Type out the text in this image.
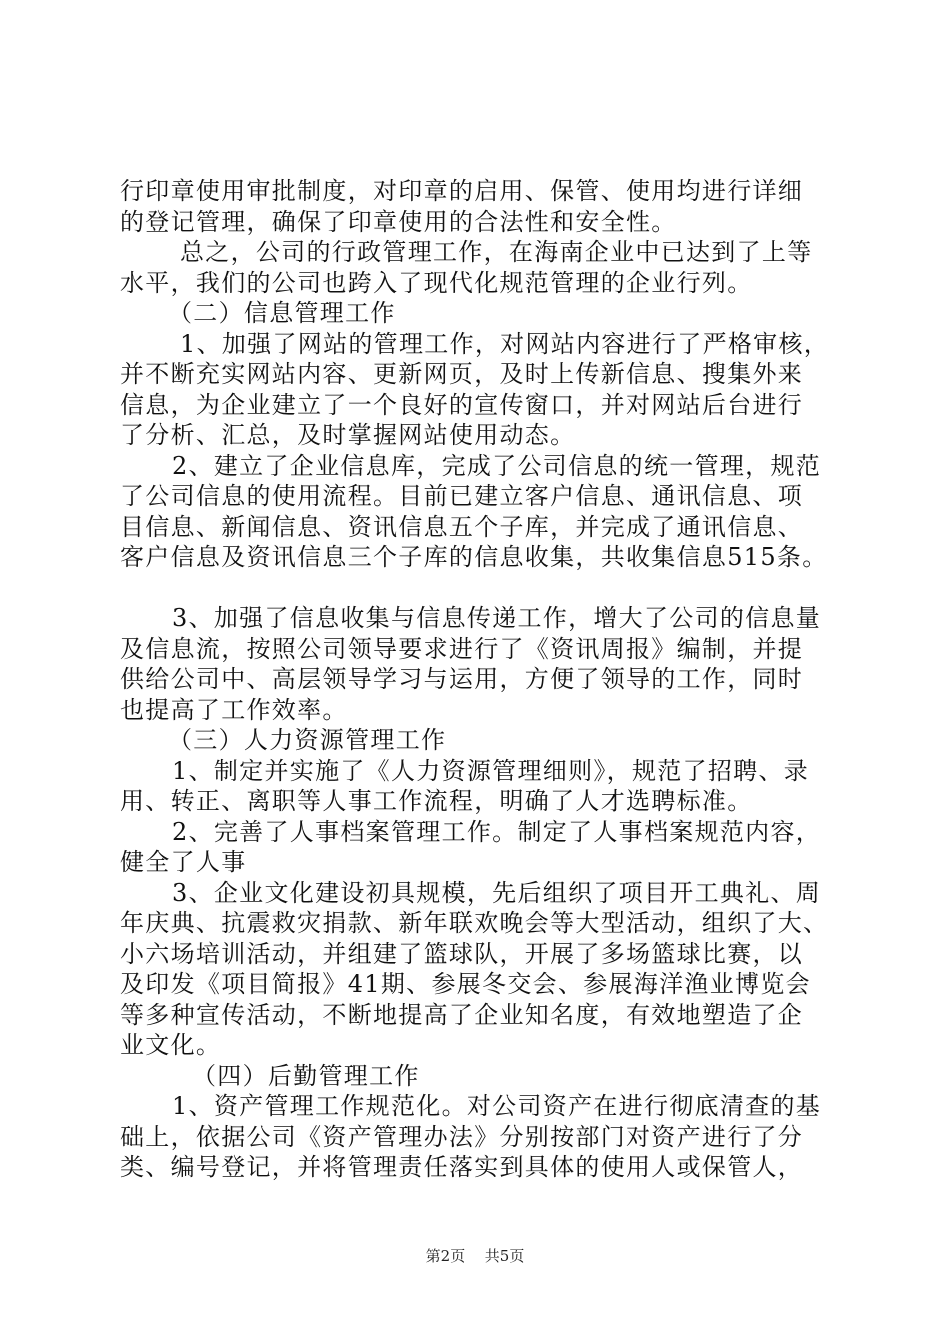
行印章使用审批制度，对印章的启用、保管、使用均进行详细
的登记管理，确保了印章使用的合法性和安全性。
总之，公司的行政管理工作，在海南企业中已达到了上等
水平，我们的公司也跨入了现代化规范管理的企业行列。
（二）信息管理工作
1、加强了网站的管理工作，对网站内容进行了严格审核，
并不断充实网站内容、更新网页，及时上传新信息、搜集外来
信息，为企业建立了一个良好的宣传窗口，并对网站后台进行
了分析、汇总，及时掌握网站使用动态。
2、建立了企业信息库，完成了公司信息的统一管理，规范
了公司信息的使用流程。目前已建立客户信息、通讯信息、项
目信息、新闻信息、资讯信息五个子库，并完成了通讯信息、
客户信息及资讯信息三个子库的信息收集，共收集信息515条。
3、加强了信息收集与信息传递工作，增大了公司的信息量
及信息流，按照公司领导要求进行了《资讯周报》编制，并提
供给公司中、高层领导学习与运用，方便了领导的工作，同时
也提高了工作效率。
（三）人力资源管理工作
1、制定并实施了《人力资源管理细则》，规范了招聘、录
用、转正、离职等人事工作流程，明确了人才选聘标准。
2、完善了人事档案管理工作。制定了人事档案规范内容，
健全了人事
3、企业文化建设初具规模，先后组织了项目开工典礼、周
年庆典、抗震救灾捐款、新年联欢晚会等大型活动，组织了大、
小六场培训活动，并组建了篮球队，开展了多场篮球比赛，以
及印发《项目简报》41期、参展冬交会、参展海洋渔业博览会
等多种宣传活动，不断地提高了企业知名度，有效地塑造了企
业文化。
（四）后勤管理工作
1、资产管理工作规范化。对公司资产在进行彻底清查的基
础上，依据公司《资产管理办法》分别按部门对资产进行了分
类、编号登记，并将管理责任落实到具体的使用人或保管人，
第2页 共5页
